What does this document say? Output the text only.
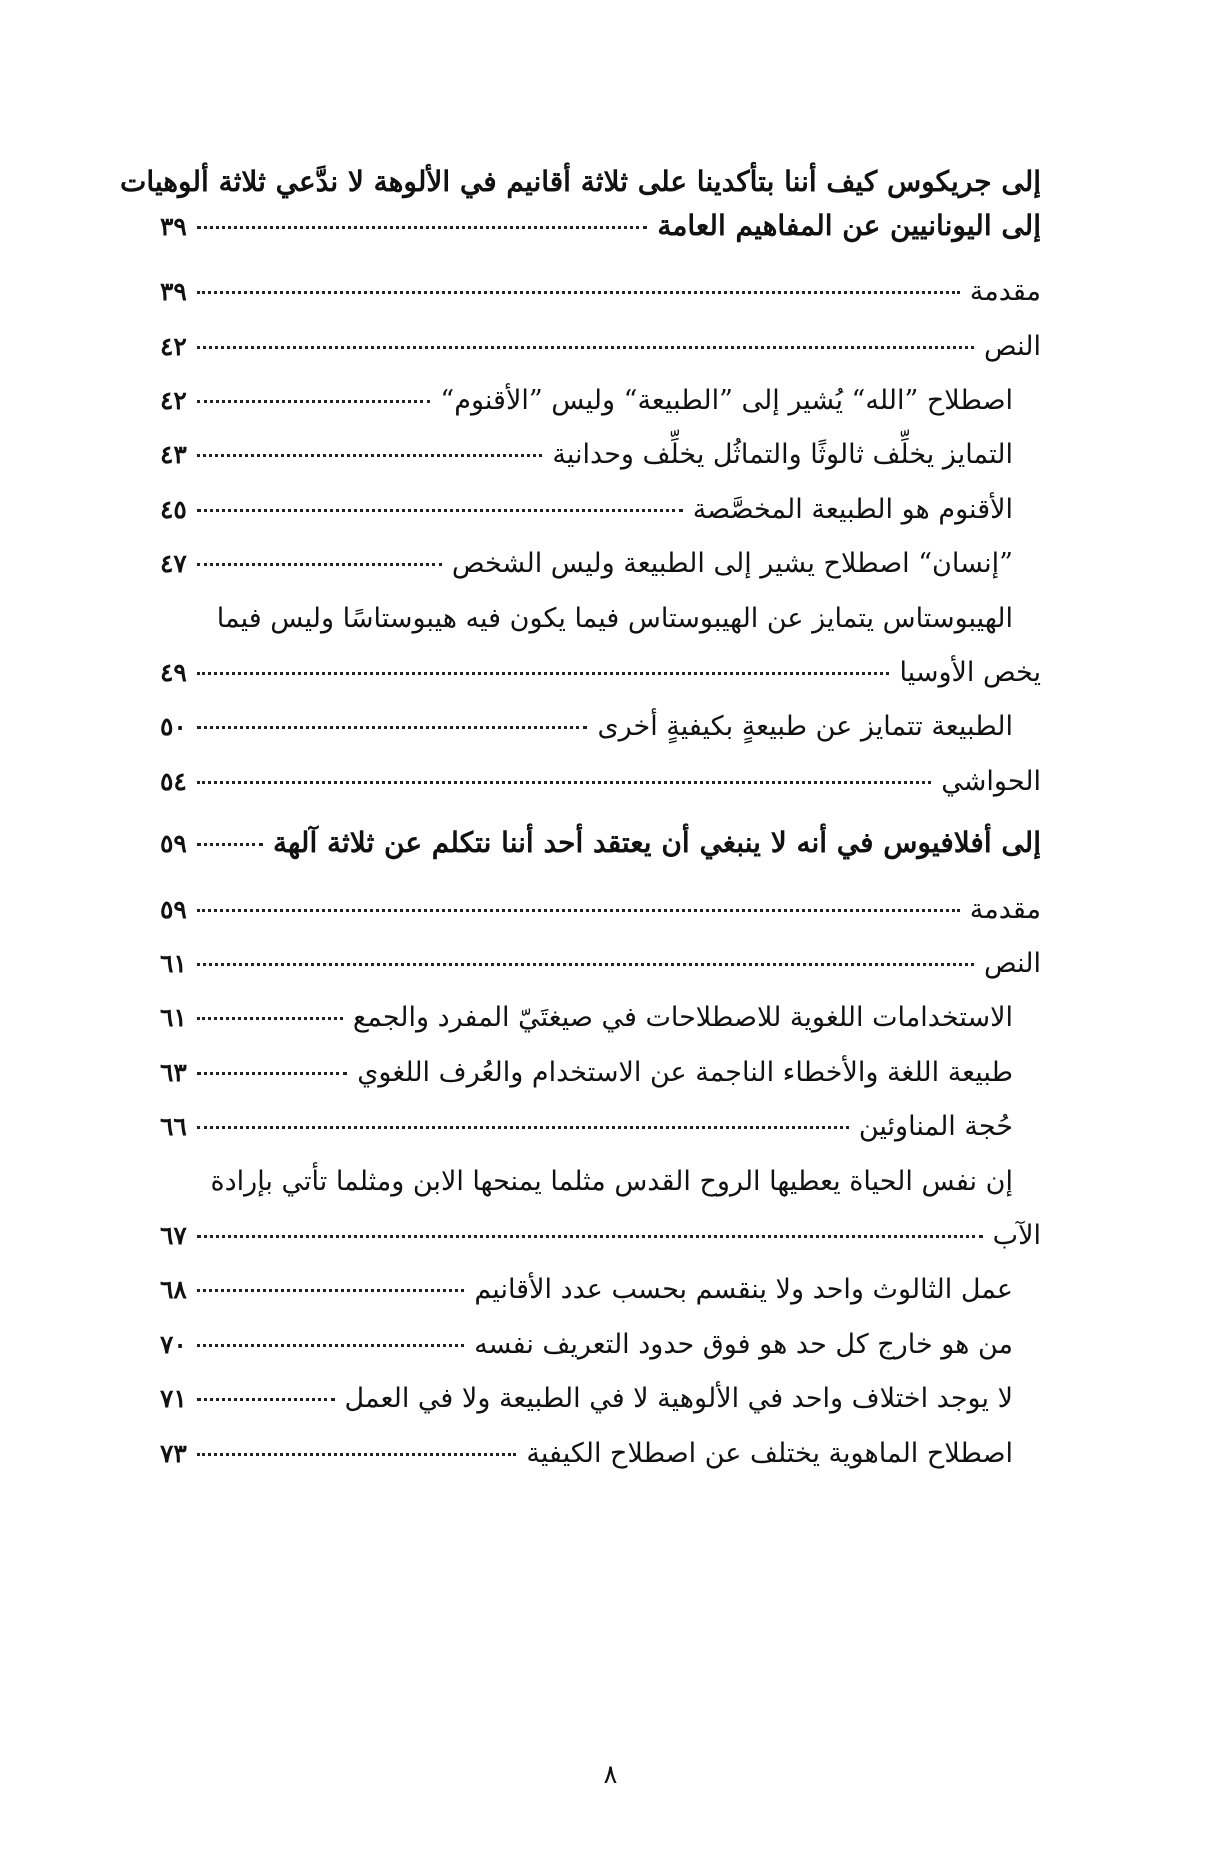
إلى جريكوس كيف أننا بتأكدينا على ثلاثة أقانيم في الألوهة لا ندَّعي ثلاثة ألوهيات
إلى اليونانيين عن المفاهيم العامة
٣٩
مقدمة
٣٩
النص
٤٢
اصطلاح ”الله“ يُشير إلى ”الطبيعة“ وليس ”الأقنوم“
٤٢
التمايز يخلِّف ثالوثًا والتماثُل يخلِّف وحدانية
٤٣
الأقنوم هو الطبيعة المخصَّصة
٤٥
”إنسان“ اصطلاح يشير إلى الطبيعة وليس الشخص
٤٧
الهيبوستاس يتمايز عن الهيبوستاس فيما يكون فيه هيبوستاسًا وليس فيما
يخص الأوسيا
٤٩
الطبيعة تتمايز عن طبيعةٍ بكيفيةٍ أخرى
٥٠
الحواشي
٥٤
إلى أفلافيوس في أنه لا ينبغي أن يعتقد أحد أننا نتكلم عن ثلاثة آلهة
٥٩
مقدمة
٥٩
النص
٦١
الاستخدامات اللغوية للاصطلاحات في صيغتَيّ المفرد والجمع
٦١
طبيعة اللغة والأخطاء الناجمة عن الاستخدام والعُرف اللغوي
٦٣
حُجة المناوئين
٦٦
إن نفس الحياة يعطيها الروح القدس مثلما يمنحها الابن ومثلما تأتي بإرادة
الآب
٦٧
عمل الثالوث واحد ولا ينقسم بحسب عدد الأقانيم
٦٨
من هو خارج كل حد هو فوق حدود التعريف نفسه
٧٠
لا يوجد اختلاف واحد في الألوهية لا في الطبيعة ولا في العمل
٧١
اصطلاح الماهوية يختلف عن اصطلاح الكيفية
٧٣
٨
